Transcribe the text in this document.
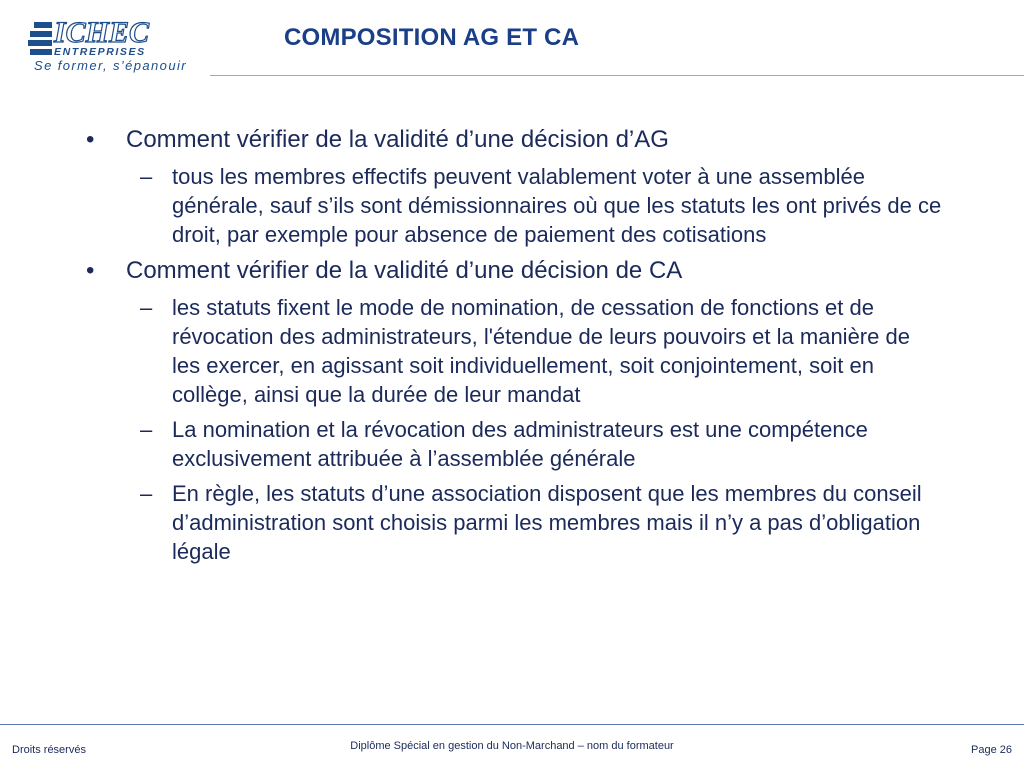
ICHEC
ENTREPRISES
Se former, s’épanouir
COMPOSITION AG ET CA
•	Comment vérifier de la validité d’une décision d’AG
– tous les membres effectifs peuvent valablement voter à une assemblée générale, sauf s’ils sont démissionnaires où que les statuts les ont privés de ce droit, par exemple pour absence de paiement des cotisations
•	Comment vérifier de la validité d’une décision de CA
– les statuts fixent le mode de nomination, de cessation de fonctions et de révocation des administrateurs, l'étendue de leurs pouvoirs et la manière de les exercer, en agissant soit individuellement, soit conjointement, soit en collège, ainsi que la durée de leur mandat
– La nomination et la révocation des administrateurs est une compétence exclusivement attribuée à l’assemblée générale
– En règle, les statuts d’une association disposent que les membres du conseil d’administration sont choisis parmi les membres mais il n’y a pas d’obligation légale
Droits réservés	Diplôme Spécial en gestion du Non-Marchand – nom du formateur	Page 26
